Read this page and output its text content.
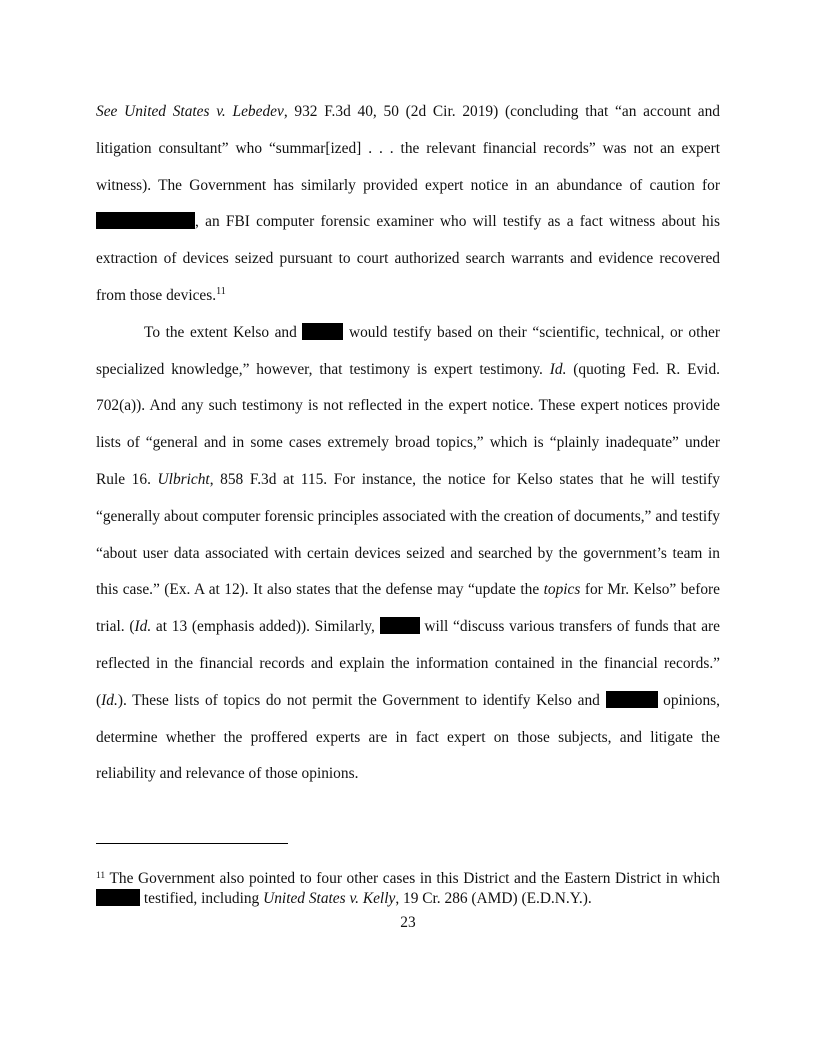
See United States v. Lebedev, 932 F.3d 40, 50 (2d Cir. 2019) (concluding that “an account and litigation consultant” who “summar[ized] . . . the relevant financial records” was not an expert witness). The Government has similarly provided expert notice in an abundance of caution for , an FBI computer forensic examiner who will testify as a fact witness about his extraction of devices seized pursuant to court authorized search warrants and evidence recovered from those devices.$^{11}$

To the extent Kelso and	would testify based on their “scientific, technical, or other specialized knowledge,” however, that testimony is expert testimony. Id. (quoting Fed. R. Evid. 702(a)). And any such testimony is not reflected in the expert notice. These expert notices provide lists of “general and in some cases extremely broad topics,” which is “plainly inadequate” under Rule 16. Ulbricht, 858 F.3d at 115. For instance, the notice for Kelso states that he will testify “generally about computer forensic principles associated with the creation of documents,” and testify “about user data associated with certain devices seized and searched by the government’s team in this case.” (Ex. A at 12). It also states that the defense may “update the topics for Mr. Kelso” before trial. (Id. at 13 (emphasis added)). Similarly,	will “discuss various transfers of funds that are reflected in the financial records and explain the information contained in the financial records.” (Id.). These lists of topics do not permit the Government to identify Kelso and	opinions, determine whether the proffered experts are in fact expert on those subjects, and litigate the reliability and relevance of those opinions.

$^{11}$ The Government also pointed to four other cases in this District and the Eastern District in which  testified, including United States v. Kelly, 19 Cr. 286 (AMD) (E.D.N.Y.).

23
